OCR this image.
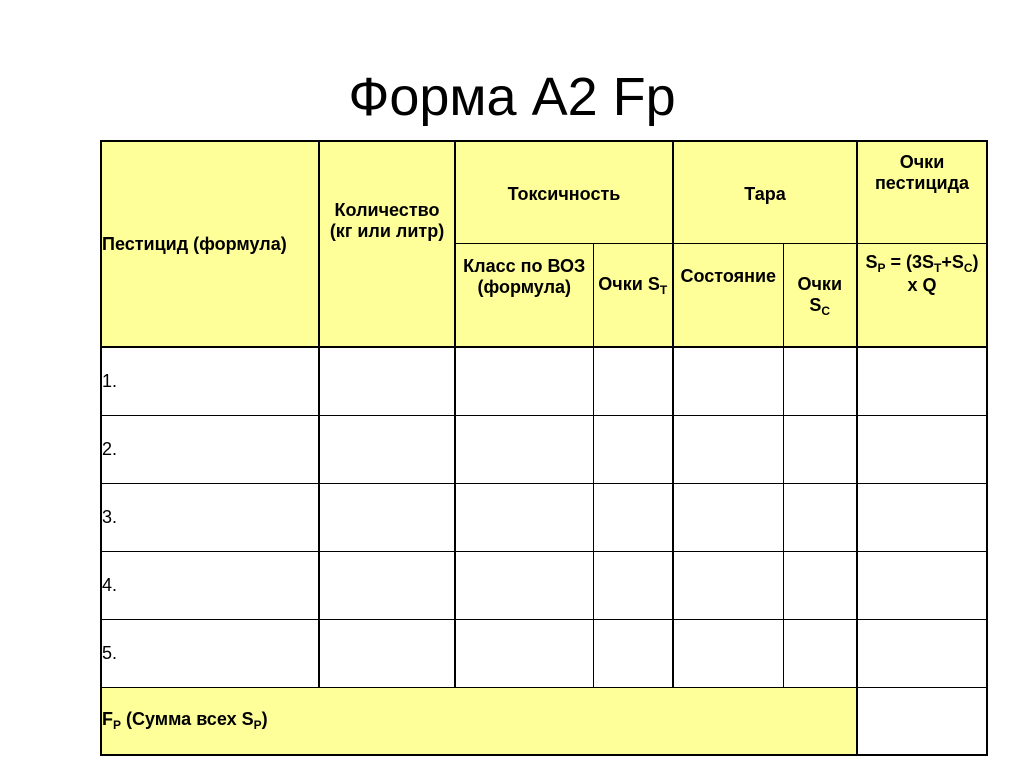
Форма А2 Fp
Пестицид (формула)	Количество (кг или литр)	Токсичность		Тара		Очки пестицида

		Класс по ВОЗ (формула)	Очки $S_T$	Состояние	Очки $S_C$	$S_P = (3S_T+S_C)$ x Q

1.						
2.						
3.						
4.						
5.						
$F_P$ (Сумма всех $S_P$)						
